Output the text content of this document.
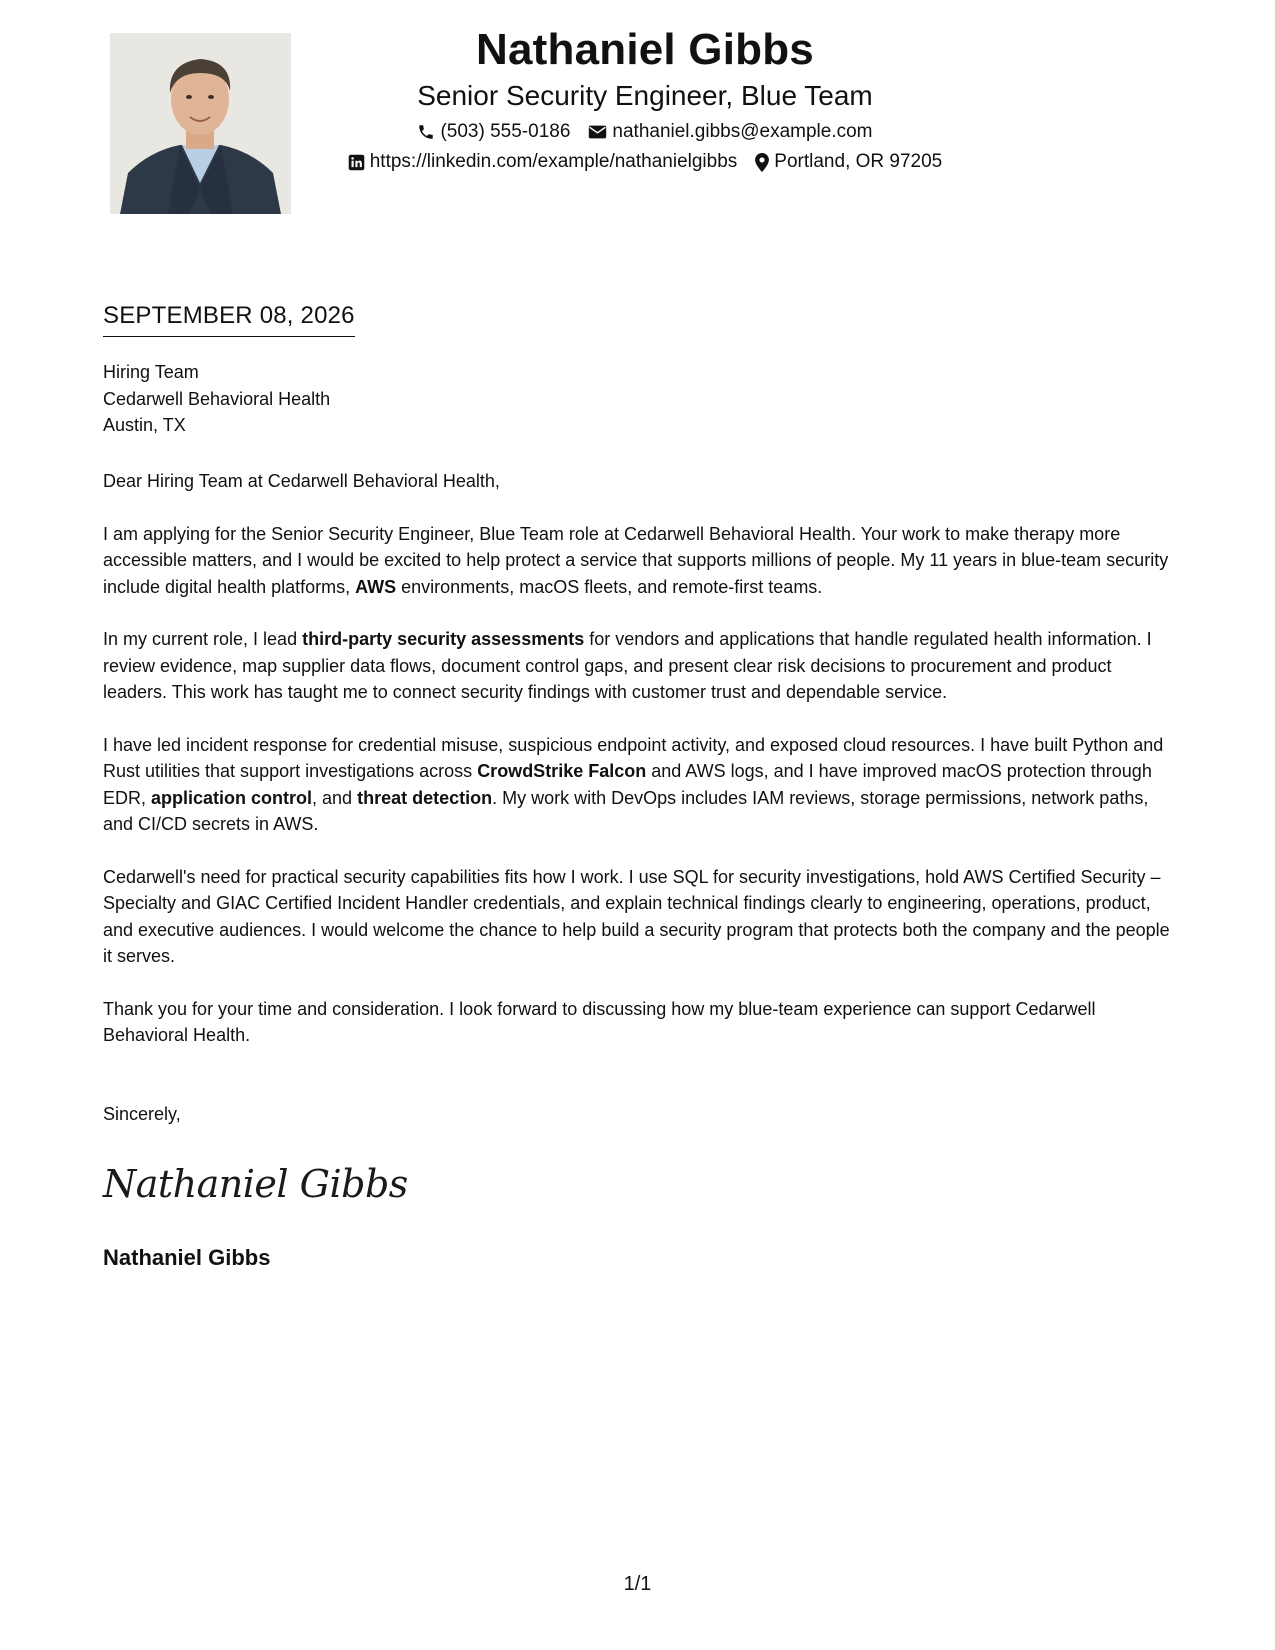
Nathaniel Gibbs
Senior Security Engineer, Blue Team
(503) 555-0186 nathaniel.gibbs@example.com
https://linkedin.com/example/nathanielgibbs Portland, OR 97205
SEPTEMBER 08, 2026
Hiring Team
Cedarwell Behavioral Health
Austin, TX

Dear Hiring Team at Cedarwell Behavioral Health,

I am applying for the Senior Security Engineer, Blue Team role at Cedarwell Behavioral Health. Your work to make therapy more accessible matters, and I would be excited to help protect a service that supports millions of people. My 11 years in blue-team security include digital health platforms, AWS environments, macOS fleets, and remote-first teams.

In my current role, I lead third-party security assessments for vendors and applications that handle regulated health information. I review evidence, map supplier data flows, document control gaps, and present clear risk decisions to procurement and product leaders. This work has taught me to connect security findings with customer trust and dependable service.

I have led incident response for credential misuse, suspicious endpoint activity, and exposed cloud resources. I have built Python and Rust utilities that support investigations across CrowdStrike Falcon and AWS logs, and I have improved macOS protection through EDR, application control, and threat detection. My work with DevOps includes IAM reviews, storage permissions, network paths, and CI/CD secrets in AWS.

Cedarwell's need for practical security capabilities fits how I work. I use SQL for security investigations, hold AWS Certified Security – Specialty and GIAC Certified Incident Handler credentials, and explain technical findings clearly to engineering, operations, product, and executive audiences. I would welcome the chance to help build a security program that protects both the company and the people it serves.

Thank you for your time and consideration. I look forward to discussing how my blue-team experience can support Cedarwell Behavioral Health.

Sincerely,
Nathaniel Gibbs
Nathaniel Gibbs
1/1
